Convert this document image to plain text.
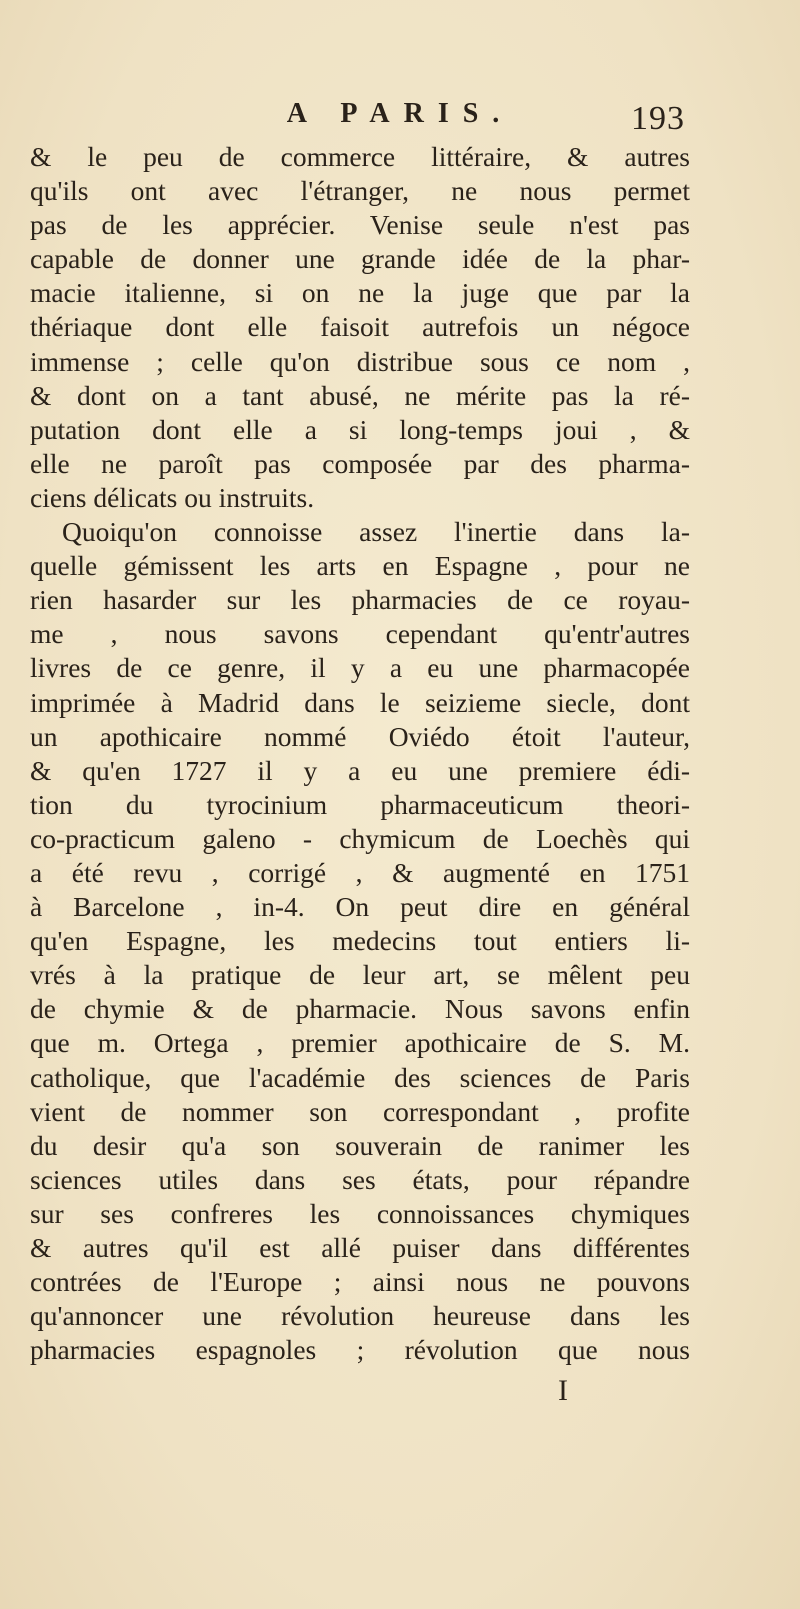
A PARIS.	193
& le peu de commerce littéraire, & autres
qu'ils ont avec l'étranger, ne nous permet
pas de les apprécier. Venise seule n'est pas
capable de donner une grande idée de la phar-
macie italienne, si on ne la juge que par la
thériaque dont elle faisoit autrefois un négoce
immense ; celle qu'on distribue sous ce nom ,
& dont on a tant abusé, ne mérite pas la ré-
putation dont elle a si long-temps joui , &
elle ne paroît pas composée par des pharma-
ciens délicats ou instruits.
Quoiqu'on connoisse assez l'inertie dans la-
quelle gémissent les arts en Espagne , pour ne
rien hasarder sur les pharmacies de ce royau-
me , nous savons cependant qu'entr'autres
livres de ce genre, il y a eu une pharmacopée
imprimée à Madrid dans le seizieme siecle, dont
un apothicaire nommé Oviédo étoit l'auteur,
& qu'en 1727 il y a eu une premiere édi-
tion du tyrocinium pharmaceuticum theori-
co-practicum galeno - chymicum de Loechès qui
a été revu , corrigé , & augmenté en 1751
à Barcelone , in-4. On peut dire en général
qu'en Espagne, les medecins tout entiers li-
vrés à la pratique de leur art, se mêlent peu
de chymie & de pharmacie. Nous savons enfin
que m. Ortega , premier apothicaire de S. M.
catholique, que l'académie des sciences de Paris
vient de nommer son correspondant , profite
du desir qu'a son souverain de ranimer les
sciences utiles dans ses états, pour répandre
sur ses confreres les connoissances chymiques
& autres qu'il est allé puiser dans différentes
contrées de l'Europe ; ainsi nous ne pouvons
qu'annoncer une révolution heureuse dans les
pharmacies espagnoles ; révolution que nous
I
